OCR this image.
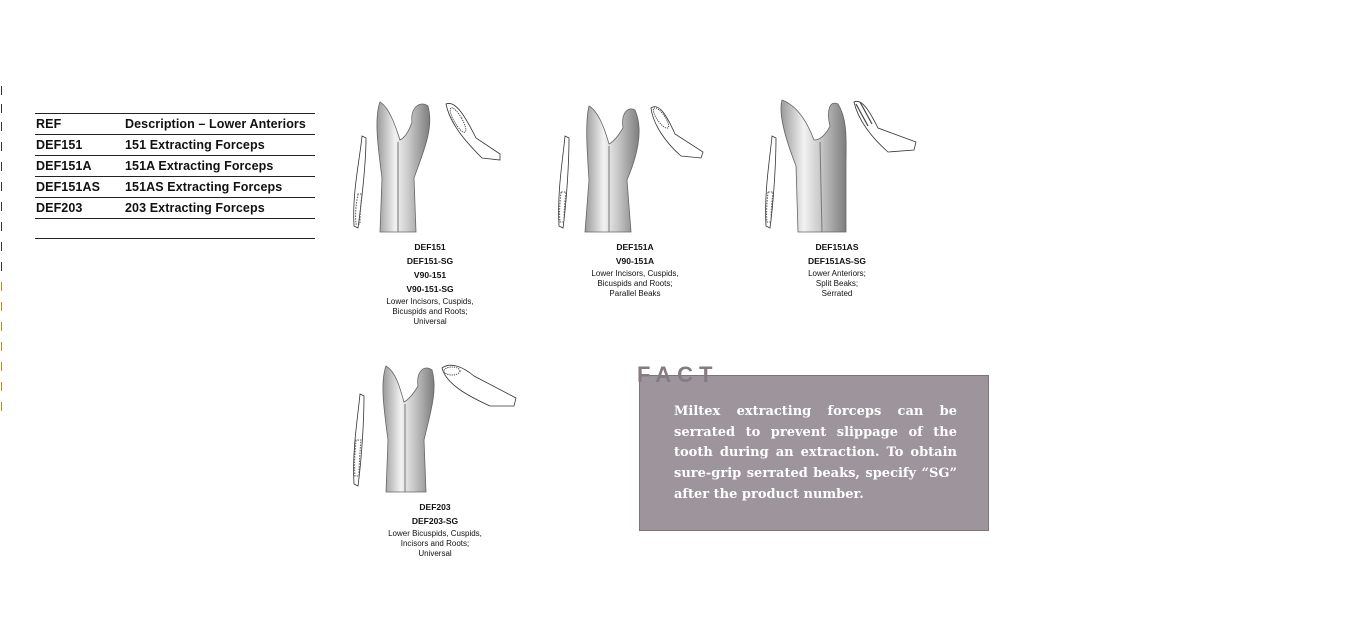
REF	Description – Lower Anteriors
DEF151	151 Extracting Forceps
DEF151A	151A Extracting Forceps
DEF151AS	151AS Extracting Forceps
DEF203	203 Extracting Forceps

DEF151
DEF151-SG
V90-151
V90-151-SG
Lower Incisors, Cuspids,
Bicuspids and Roots;
Universal
DEF151A
V90-151A
Lower Incisors, Cuspids,
Bicuspids and Roots;
Parallel Beaks
DEF151AS
DEF151AS-SG
Lower Anteriors;
Split Beaks;
Serrated
DEF203
DEF203-SG
Lower Bicuspids, Cuspids,
Incisors and Roots;
Universal
Miltex extracting forceps can be serrated to prevent slippage of the tooth during an extraction. To obtain sure-grip serrated beaks, specify “SG” after the product number.
FACT
